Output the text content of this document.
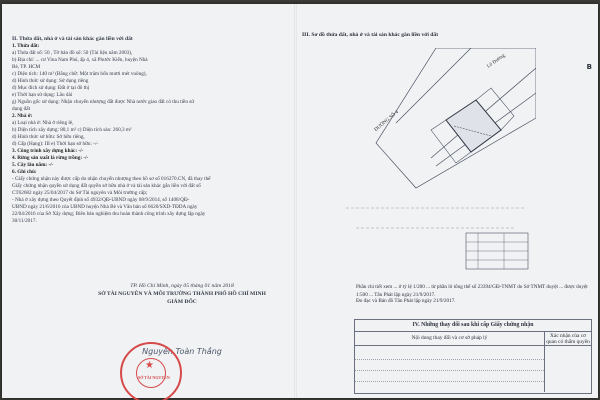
II. Thửa đất, nhà ở và tài sản khác gắn liền với đất
1. Thửa đất:
a) Thửa đất số: 50 , Tờ bản đồ số: 50 (Tài liệu năm 2003),
b) Địa chỉ: ... cư Vina Nam Phú, ấp 4, xã Phước Kiển, huyện Nhà
Bè, TP. HCM
c) Diện tích: 140 m² (Bằng chữ: Một trăm bốn mươi mét vuông),
d) Hình thức sử dụng: Sử dụng riêng
đ) Mục đích sử dụng: Đất ở tại đô thị
e) Thời hạn sử dụng: Lâu dài
g) Nguồn gốc sử dụng: Nhận chuyển nhượng đất được Nhà nước giao đất có thu tiền sử
dụng đất
2. Nhà ở:
a) Loại nhà ở: Nhà ở riêng lẻ,
b) Diện tích xây dựng: 80,1 m² c) Diện tích sàn: 260,3 m²
d) Hình thức sở hữu: Sở hữu riêng,
đ) Cấp (Hạng): III e) Thời hạn sở hữu: -/-
3. Công trình xây dựng khác: -/-
4. Rừng sản xuất là rừng trồng: -/-
5. Cây lâu năm: -/-
6. Ghi chú:
- Giấy chứng nhận này được cấp do nhận chuyển nhượng theo hồ sơ số 016270.CN, đã thay thế
Giấy chứng nhận quyền sử dụng đất quyền sở hữu nhà ở và tài sản khác gắn liền với đất số
CT62682 ngày 25/04/2017 do Sở Tài nguyên và Môi trường cấp;
- Nhà ở xây dựng theo Quyết định số 4932/QĐ-UBND ngày 08/9/2014, số 1408/QĐ-
UBND ngày 21/6/2016 của UBND huyện Nhà Bè và Văn bản số 6620/SXD-TĐDA ngày
22/04/2016 của Sở Xây dựng; Biên bản nghiệm thu hoàn thành công trình xây dựng lập ngày
30/11/2017.
TP. Hồ Chí Minh, ngày 05 tháng 01 năm 2018
SỞ TÀI NGUYÊN VÀ MÔI TRƯỜNG THÀNH PHỐ HỒ CHÍ MINH
GIÁM ĐỐC
Nguyễn Toàn Thắng
★
SỞ TÀI NGUYÊN
III. Sơ đồ thửa đất, nhà ở và tài sản khác gắn liền với đất
B
ĐƯỜNG SỐ 4
Lô Đường
Phần chi tiết xem ... ở tỷ lệ 1/200 ... từ phần lô tổng thể số 23394/GĐ-TNMT do Sở TNMT duyệt ... được duyệt 1:500 ... Tân Phát lập ngày 21/9/2017.
Đo đạc và Bản đồ Tân Phát lập ngày 21/9/2017.
IV. Những thay đổi sau khi cấp Giấy chứng nhận
Nội dung thay đổi và cơ sở pháp lý	Xác nhận của cơ quan có thẩm quyền
